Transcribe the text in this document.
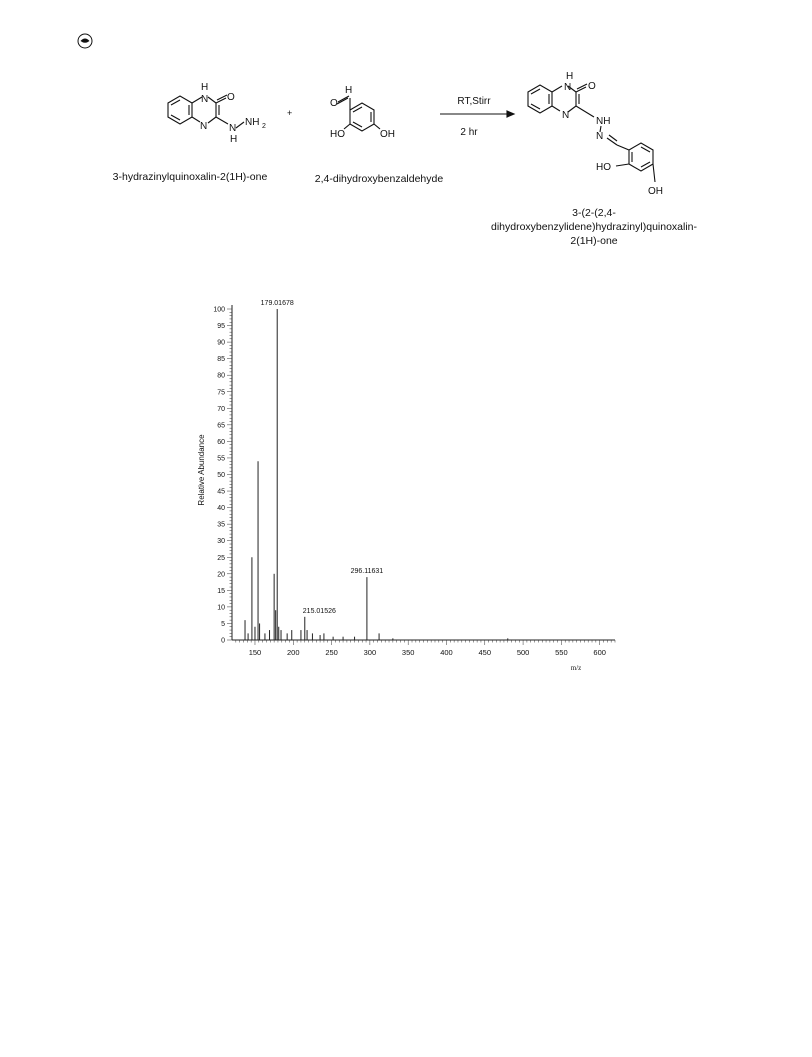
H
N O
N N
H
NH 2
+
H
O
HO	OH
RT,Stirr
2 hr
H
N O
N
NH
N
HO
OH
3-hydrazinylquinoxalin-2(1H)-one	2,4-dihydroxybenzaldehyde
3-(2-(2,4-
dihydroxybenzylidene)hydrazinyl)quinoxalin-
2(1H)-one
0
5
10
15
20
25
30
35
40
45
50
55
60
65
70
75
80
85
90
95
100
150	200	250	300	350	400	450	500	550	600
179.01678
296.11631
215.01526
Relative Abundance
m/z
